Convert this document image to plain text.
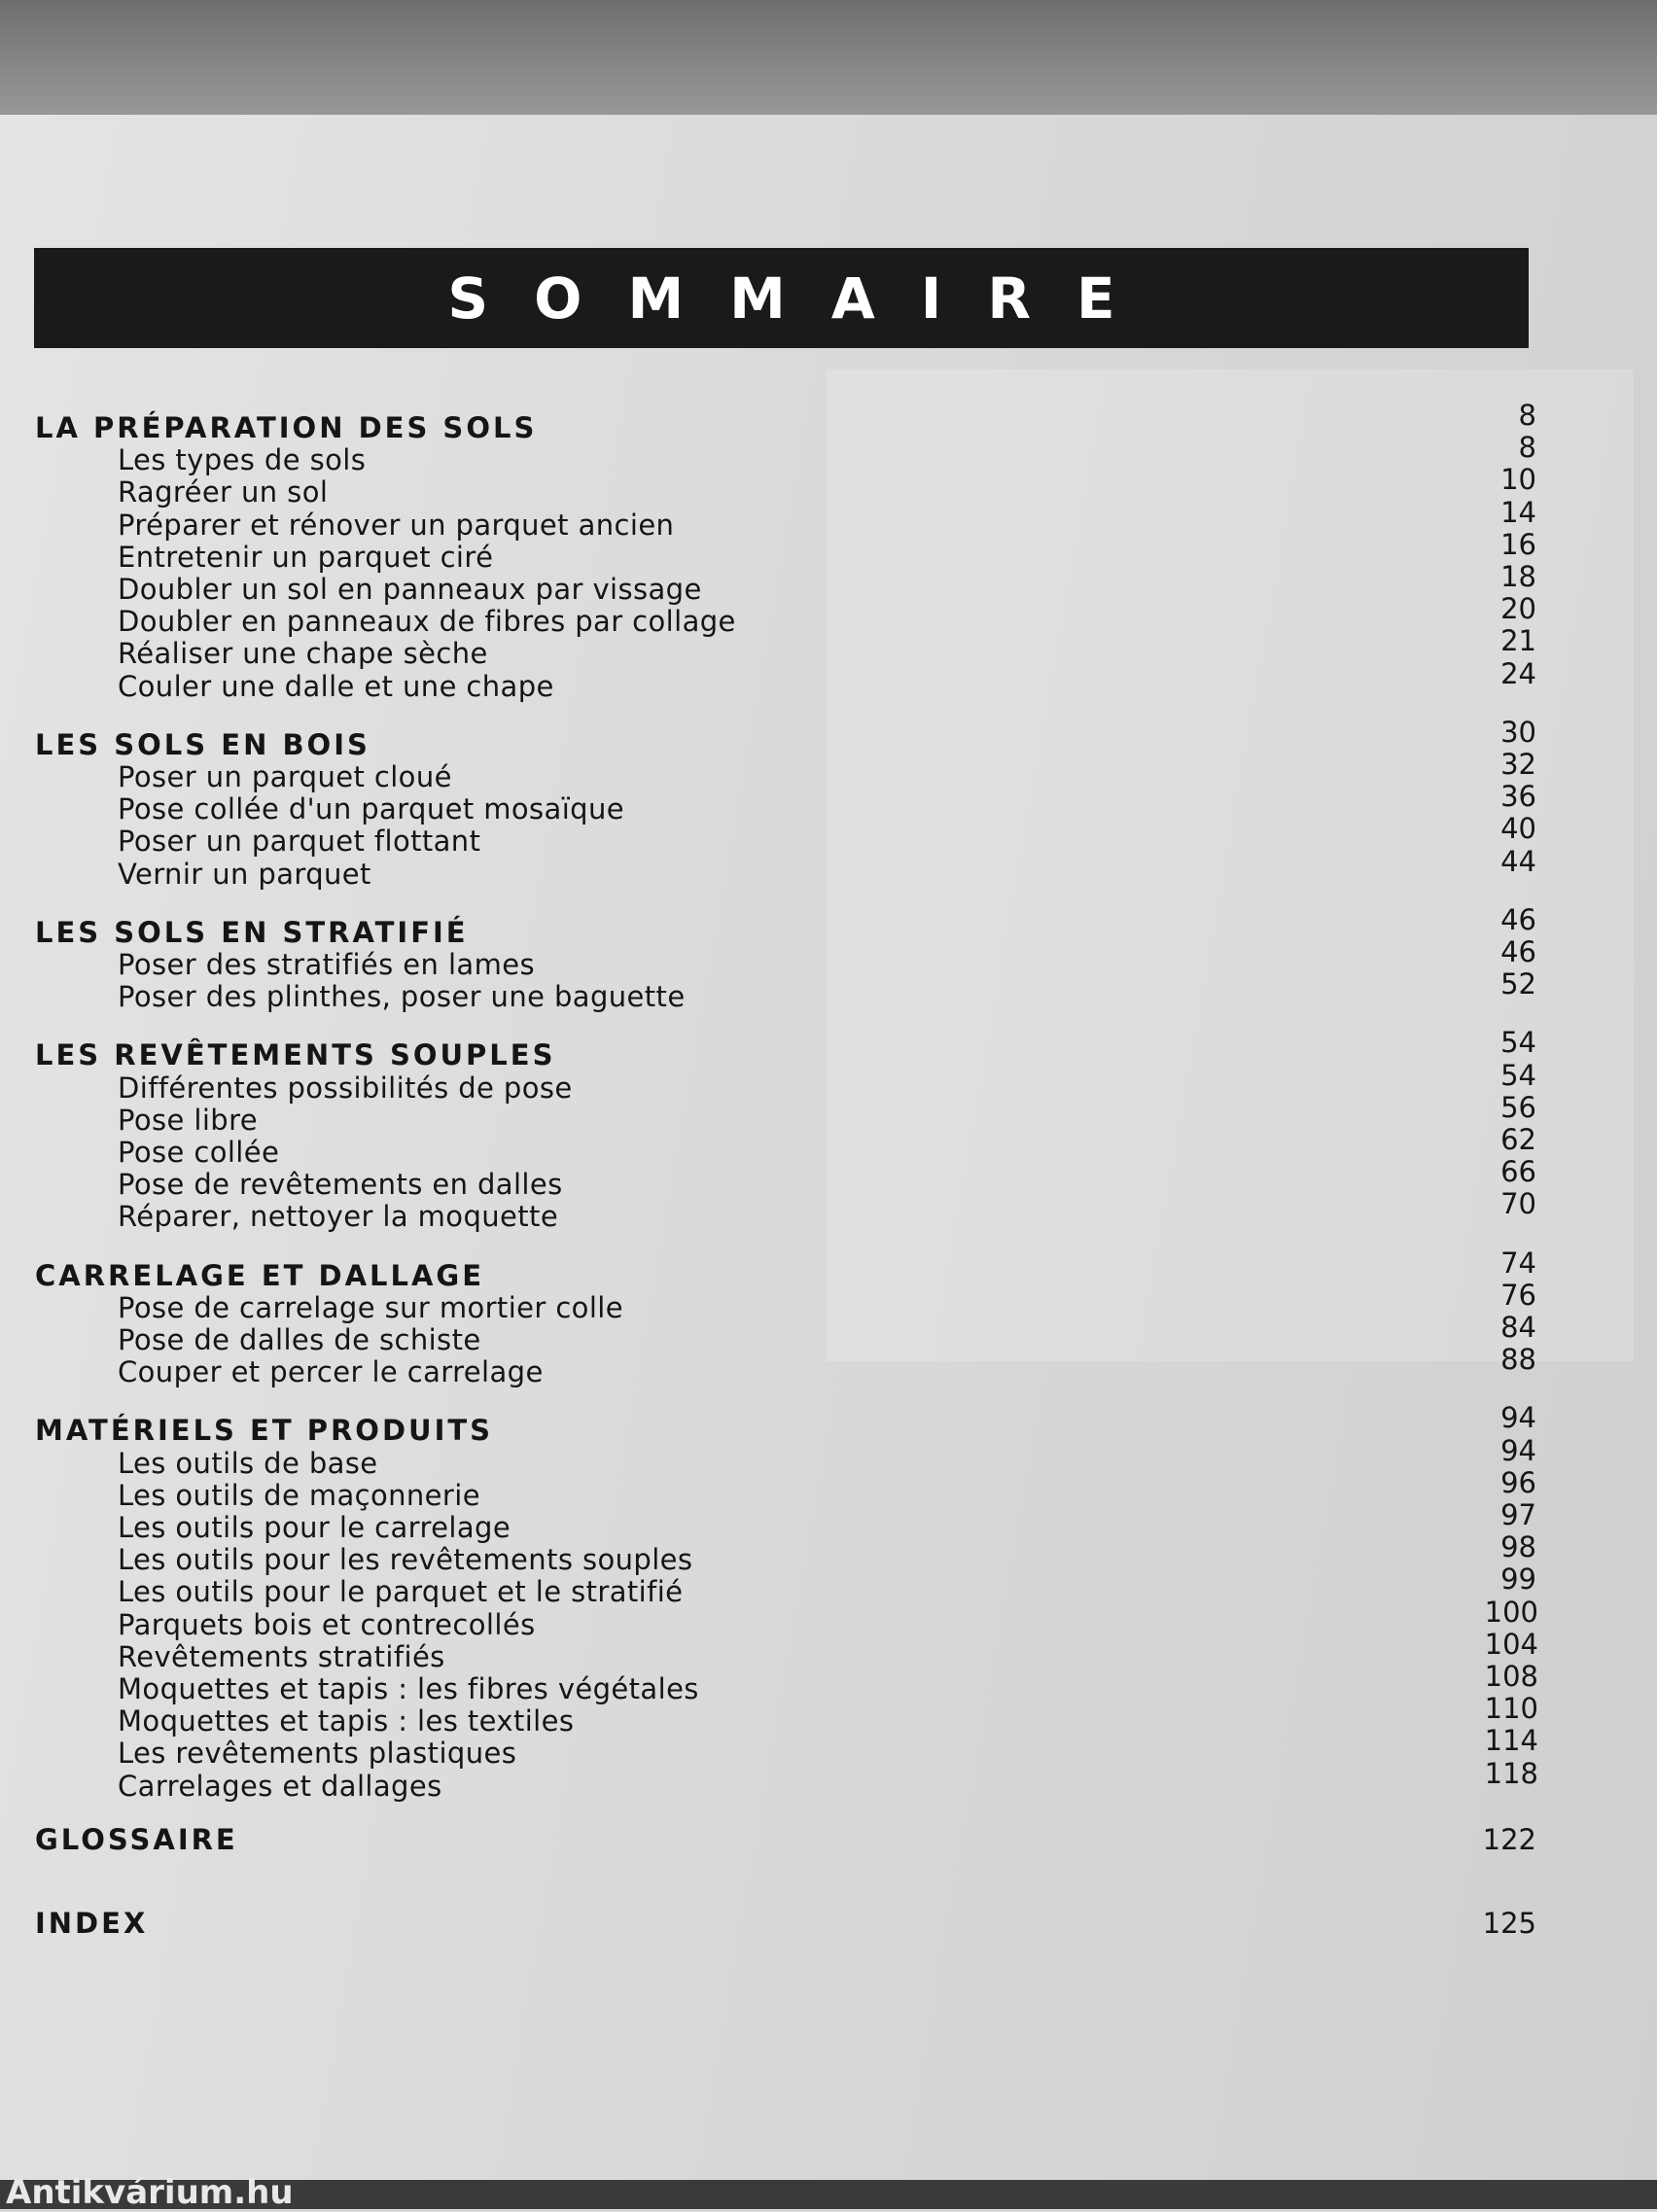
SOMMAIRE
LA PRÉPARATION DES SOLS	8
Les types de sols	8
Ragréer un sol	10
Préparer et rénover un parquet ancien	14
Entretenir un parquet ciré	16
Doubler un sol en panneaux par vissage	18
Doubler en panneaux de fibres par collage	20
Réaliser une chape sèche	21
Couler une dalle et une chape	24
LES SOLS EN BOIS	30
Poser un parquet cloué	32
Pose collée d'un parquet mosaïque	36
Poser un parquet flottant	40
Vernir un parquet	44
LES SOLS EN STRATIFIÉ	46
Poser des stratifiés en lames	46
Poser des plinthes, poser une baguette	52
LES REVÊTEMENTS SOUPLES	54
Différentes possibilités de pose	54
Pose libre	56
Pose collée	62
Pose de revêtements en dalles	66
Réparer, nettoyer la moquette	70
CARRELAGE ET DALLAGE	74
Pose de carrelage sur mortier colle	76
Pose de dalles de schiste	84
Couper et percer le carrelage	88
MATÉRIELS ET PRODUITS	94
Les outils de base	94
Les outils de maçonnerie	96
Les outils pour le carrelage	97
Les outils pour les revêtements souples	98
Les outils pour le parquet et le stratifié	99
Parquets bois et contrecollés	100
Revêtements stratifiés	104
Moquettes et tapis : les fibres végétales	108
Moquettes et tapis : les textiles	110
Les revêtements plastiques	114
Carrelages et dallages	118
GLOSSAIRE	122
INDEX	125
Antikvárium.hu
